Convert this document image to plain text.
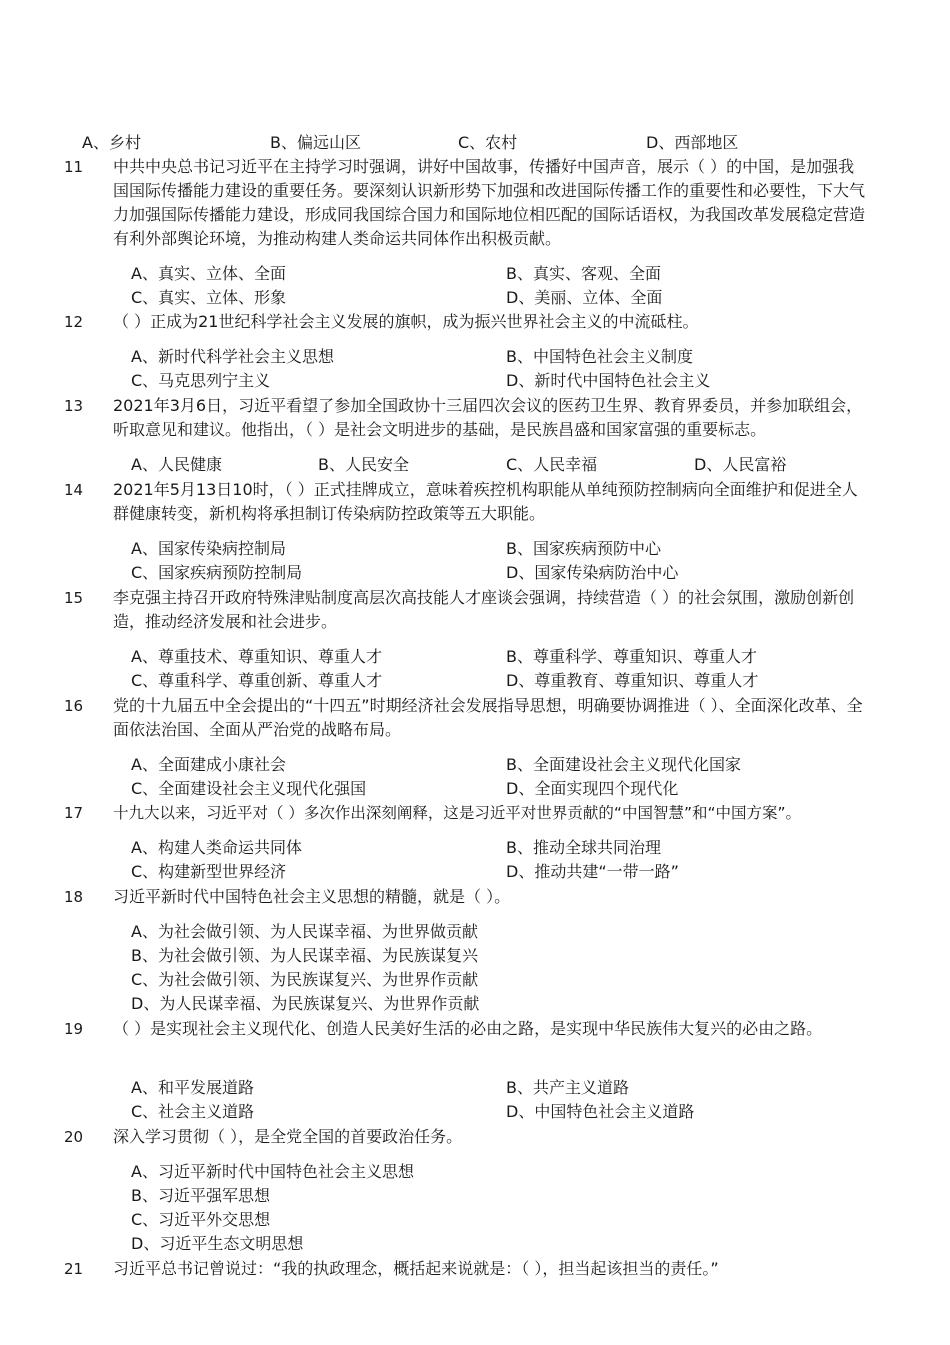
A、乡村	B、偏远山区	C、农村	D、西部地区
11 中共中央总书记习近平在主持学习时强调，讲好中国故事，传播好中国声音，展示（ ）的中国，是加强我国国际传播能力建设的重要任务。要深刻认识新形势下加强和改进国际传播工作的重要性和必要性，下大气力加强国际传播能力建设，形成同我国综合国力和国际地位相匹配的国际话语权，为我国改革发展稳定营造有利外部舆论环境，为推动构建人类命运共同体作出积极贡献。

A、真实、立体、全面	B、真实、客观、全面
C、真实、立体、形象	D、美丽、立体、全面
12 （ ）正成为21世纪科学社会主义发展的旗帜，成为振兴世界社会主义的中流砥柱。

A、新时代科学社会主义思想	B、中国特色社会主义制度
C、马克思列宁主义	D、新时代中国特色社会主义
13 2021年3月6日，习近平看望了参加全国政协十三届四次会议的医药卫生界、教育界委员，并参加联组会，听取意见和建议。他指出，（ ）是社会文明进步的基础，是民族昌盛和国家富强的重要标志。

A、人民健康	B、人民安全	C、人民幸福	D、人民富裕
14 2021年5月13日10时，（ ）正式挂牌成立，意味着疾控机构职能从单纯预防控制病向全面维护和促进全人群健康转变，新机构将承担制订传染病防控政策等五大职能。

A、国家传染病控制局	B、国家疾病预防中心
C、国家疾病预防控制局	D、国家传染病防治中心
15 李克强主持召开政府特殊津贴制度高层次高技能人才座谈会强调，持续营造（ ）的社会氛围，激励创新创造，推动经济发展和社会进步。

A、尊重技术、尊重知识、尊重人才	B、尊重科学、尊重知识、尊重人才
C、尊重科学、尊重创新、尊重人才	D、尊重教育、尊重知识、尊重人才
16 党的十九届五中全会提出的“十四五”时期经济社会发展指导思想，明确要协调推进（ ）、全面深化改革、全面依法治国、全面从严治党的战略布局。

A、全面建成小康社会	B、全面建设社会主义现代化国家
C、全面建设社会主义现代化强国	D、全面实现四个现代化
17 十九大以来，习近平对（ ）多次作出深刻阐释，这是习近平对世界贡献的“中国智慧”和“中国方案”。

A、构建人类命运共同体	B、推动全球共同治理
C、构建新型世界经济	D、推动共建“一带一路”
18 习近平新时代中国特色社会主义思想的精髓，就是（ ）。

A、为社会做引领、为人民谋幸福、为世界做贡献
B、为社会做引领、为人民谋幸福、为民族谋复兴
C、为社会做引领、为民族谋复兴、为世界作贡献
D、为人民谋幸福、为民族谋复兴、为世界作贡献
19 （ ）是实现社会主义现代化、创造人民美好生活的必由之路，是实现中华民族伟大复兴的必由之路。

A、和平发展道路	B、共产主义道路
C、社会主义道路	D、中国特色社会主义道路
20 深入学习贯彻（ ），是全党全国的首要政治任务。

A、习近平新时代中国特色社会主义思想
B、习近平强军思想
C、习近平外交思想
D、习近平生态文明思想
21 习近平总书记曾说过：“我的执政理念，概括起来说就是：（ ），担当起该担当的责任。”
